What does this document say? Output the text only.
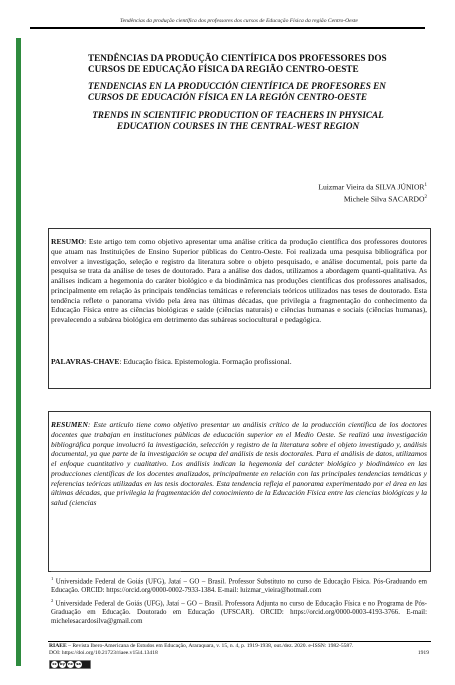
Tendências da produção científica dos professores dos cursos de Educação Física da região Centro-Oeste
TENDÊNCIAS DA PRODUÇÃO CIENTÍFICA DOS PROFESSORES DOS CURSOS DE EDUCAÇÃO FÍSICA DA REGIÃO CENTRO-OESTE
TENDENCIAS EN LA PRODUCCIÓN CIENTÍFICA DE PROFESORES EN CURSOS DE EDUCACIÓN FÍSICA EN LA REGIÓN CENTRO-OESTE
TRENDS IN SCIENTIFIC PRODUCTION OF TEACHERS IN PHYSICAL EDUCATION COURSES IN THE CENTRAL-WEST REGION
Luizmar Vieira da SILVA JÚNIOR$^1$
Michele Silva SACARDO$^2$
RESUMO: Este artigo tem como objetivo apresentar uma análise crítica da produção científica dos professores doutores que atuam nas Instituições de Ensino Superior públicas do Centro-Oeste. Foi realizada uma pesquisa bibliográfica por envolver a investigação, seleção e registro da literatura sobre o objeto pesquisado, e análise documental, pois parte da pesquisa se trata da análise de teses de doutorado. Para a análise dos dados, utilizamos a abordagem quanti-qualitativa. As análises indicam a hegemonia do caráter biológico e da biodinâmica nas produções científicas dos professores analisados, principalmente em relação às principais tendências temáticas e referenciais teóricos utilizados nas teses de doutorado. Esta tendência reflete o panorama vivido pela área nas últimas décadas, que privilegia a fragmentação do conhecimento da Educação Física entre as ciências biológicas e saúde (ciências naturais) e ciências humanas e sociais (ciências humanas), prevalecendo a subárea biológica em detrimento das subáreas sociocultural e pedagógica.
PALAVRAS-CHAVE: Educação física. Epistemologia. Formação profissional.
RESUMEN: Este artículo tiene como objetivo presentar un análisis crítico de la producción científica de los doctores docentes que trabajan en instituciones públicas de educación superior en el Medio Oeste. Se realizó una investigación bibliográfica porque involucró la investigación, selección y registro de la literatura sobre el objeto investigado y, análisis documental, ya que parte de la investigación se ocupa del análisis de tesis doctorales. Para el análisis de datos, utilizamos el enfoque cuantitativo y cualitativo. Los análisis indican la hegemonía del carácter biológico y biodinámico en las producciones científicas de los docentes analizados, principalmente en relación con las principales tendencias temáticas y referencias teóricas utilizadas en las tesis doctorales. Esta tendencia refleja el panorama experimentado por el área en las últimas décadas, que privilegia la fragmentación del conocimiento de la Educación Física entre las ciencias biológicas y la salud (ciencias

$^1$ Universidade Federal de Goiás (UFG), Jataí – GO – Brasil. Professor Substituto no curso de Educação Física. Pós-Graduando em Educação. ORCID: https://orcid.org/0000-0002-7933-1384. E-mail: luizmar_vieira@hotmail.com

$^2$ Universidade Federal de Goiás (UFG), Jataí – GO – Brasil. Professora Adjunta no curso de Educação Física e no Programa de Pós-Graduação em Educação. Doutorado em Educação (UFSCAR). ORCID: https://orcid.org/0000-0003-4193-3766. E-mail: michelesacardosilva@gmail.com

RIAEE – Revista Ibero-Americana de Estudos em Educação, Araraquara, v. 15, n. 4, p. 1919-1938, out./dez. 2020. e-ISSN: 1982-5587.
DOI: https://doi.org/10.21723/riaee.v15i4.13418	1919
cc by nc sa
